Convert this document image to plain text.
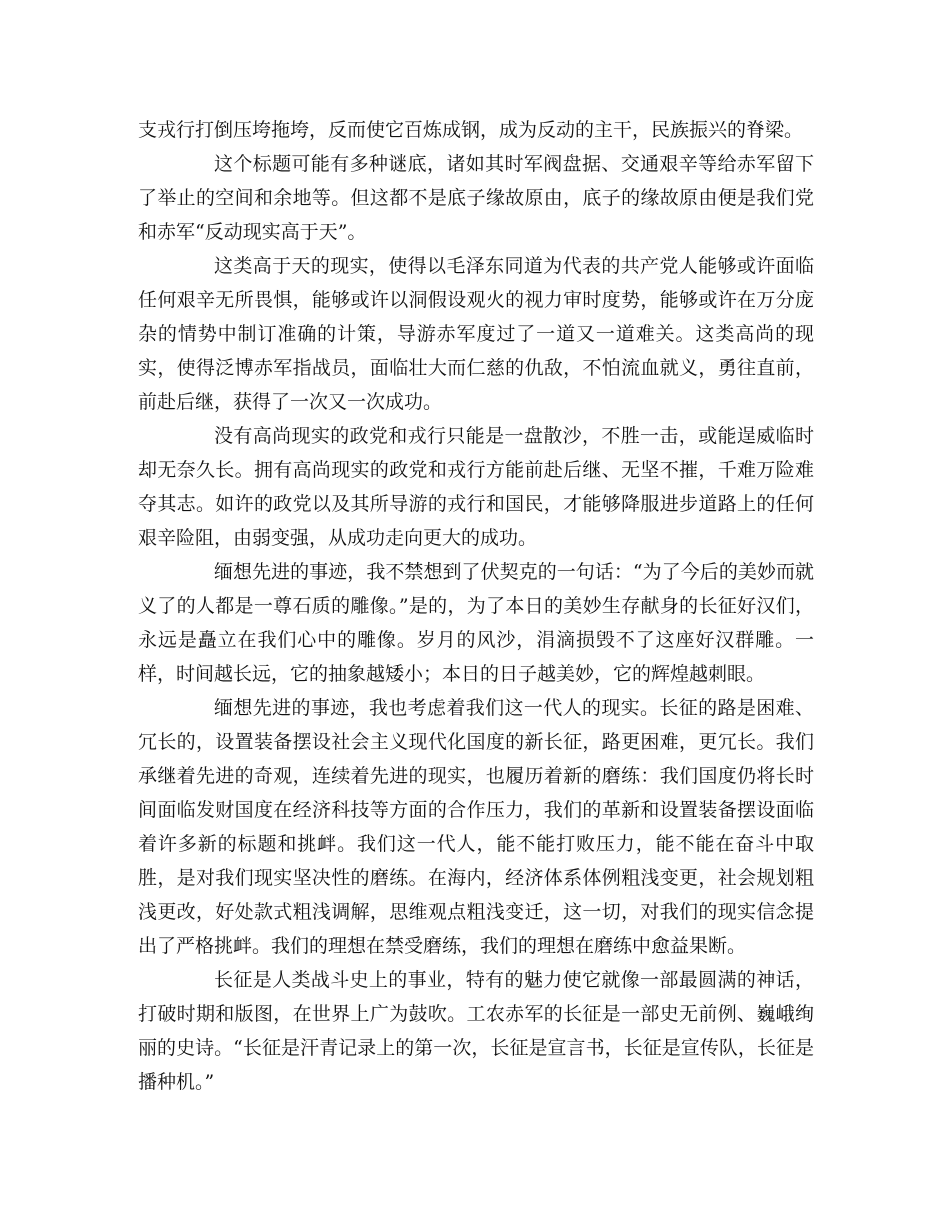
支戎行打倒压垮拖垮，反而使它百炼成钢，成为反动的主干，民族振兴的脊梁。

这个标题可能有多种谜底，诸如其时军阀盘据、交通艰辛等给赤军留下了举止的空间和余地等。但这都不是底子缘故原由，底子的缘故原由便是我们党和赤军“反动现实高于天”。

这类高于天的现实，使得以毛泽东同道为代表的共产党人能够或许面临任何艰辛无所畏惧，能够或许以洞假设观火的视力审时度势，能够或许在万分庞杂的情势中制订准确的计策，导游赤军度过了一道又一道难关。这类高尚的现实，使得泛博赤军指战员，面临壮大而仁慈的仇敌，不怕流血就义，勇往直前，前赴后继，获得了一次又一次成功。

没有高尚现实的政党和戎行只能是一盘散沙，不胜一击，或能逞威临时却无奈久长。拥有高尚现实的政党和戎行方能前赴后继、无坚不摧，千难万险难夺其志。如许的政党以及其所导游的戎行和国民，才能够降服进步道路上的任何艰辛险阻，由弱变强，从成功走向更大的成功。

缅想先进的事迹，我不禁想到了伏契克的一句话：“为了今后的美妙而就义了的人都是一尊石质的雕像。”是的，为了本日的美妙生存献身的长征好汉们，永远是矗立在我们心中的雕像。岁月的风沙，涓滴损毁不了这座好汉群雕。一样，时间越长远，它的抽象越矮小；本日的日子越美妙，它的辉煌越刺眼。

缅想先进的事迹，我也考虑着我们这一代人的现实。长征的路是困难、冗长的，设置装备摆设社会主义现代化国度的新长征，路更困难，更冗长。我们承继着先进的奇观，连续着先进的现实，也履历着新的磨练：我们国度仍将长时间面临发财国度在经济科技等方面的合作压力，我们的革新和设置装备摆设面临着许多新的标题和挑衅。我们这一代人，能不能打败压力，能不能在奋斗中取胜，是对我们现实坚决性的磨练。在海内，经济体系体例粗浅变更，社会规划粗浅更改，好处款式粗浅调解，思维观点粗浅变迁，这一切，对我们的现实信念提出了严格挑衅。我们的理想在禁受磨练，我们的理想在磨练中愈益果断。

长征是人类战斗史上的事业，特有的魅力使它就像一部最圆满的神话，打破时期和版图，在世界上广为鼓吹。工农赤军的长征是一部史无前例、巍峨绚丽的史诗。“长征是汗青记录上的第一次，长征是宣言书，长征是宣传队，长征是播种机。”
